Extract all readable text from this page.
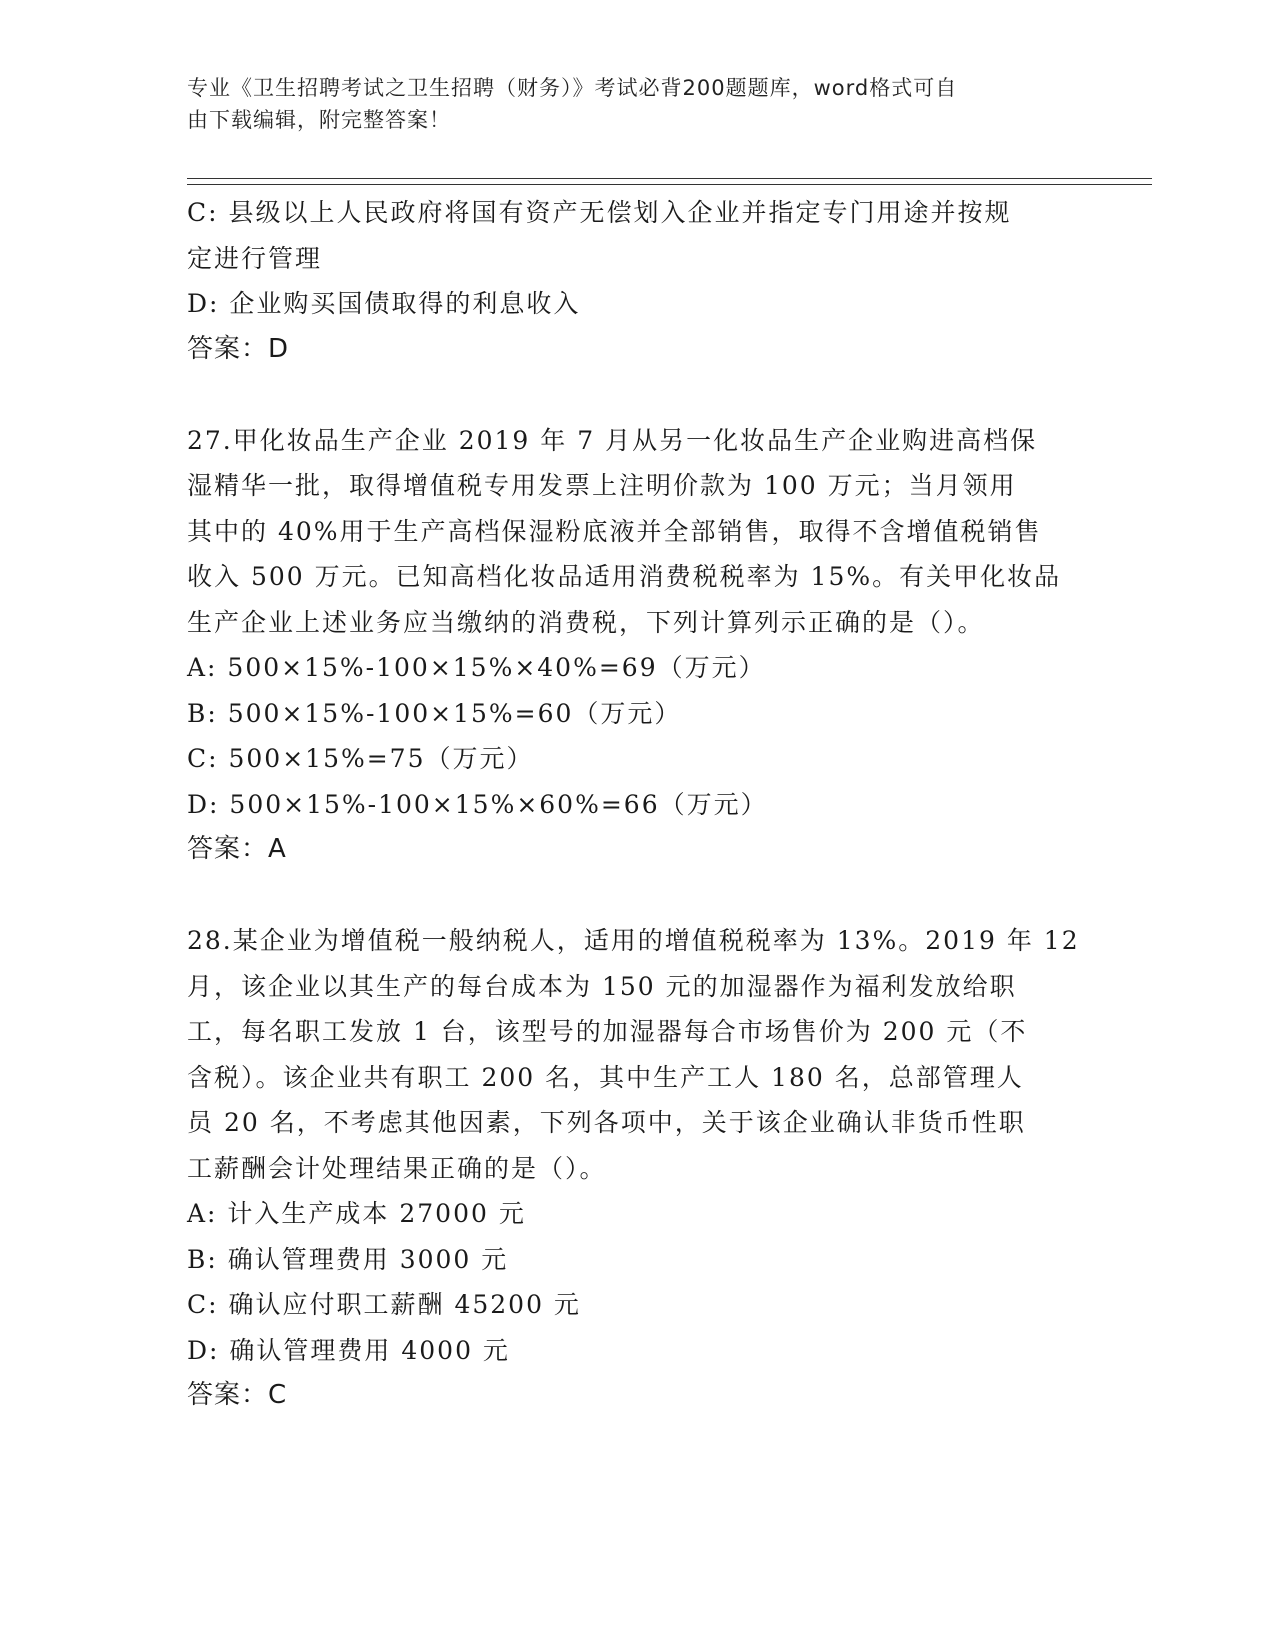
专业《卫生招聘考试之卫生招聘（财务）》考试必背200题题库，word格式可自
由下载编辑，附完整答案！
C: 县级以上人民政府将国有资产无偿划入企业并指定专门用途并按规
定进行管理
D: 企业购买国债取得的利息收入
答案：D
27.甲化妆品生产企业 2019 年 7 月从另一化妆品生产企业购进高档保
湿精华一批，取得增值税专用发票上注明价款为 100 万元；当月领用
其中的 40%用于生产高档保湿粉底液并全部销售，取得不含增值税销售
收入 500 万元。已知高档化妆品适用消费税税率为 15%。有关甲化妆品
生产企业上述业务应当缴纳的消费税，下列计算列示正确的是（）。
A: 500×15%-100×15%×40%=69（万元）
B: 500×15%-100×15%=60（万元）
C: 500×15%=75（万元）
D: 500×15%-100×15%×60%=66（万元）
答案：A
28.某企业为增值税一般纳税人，适用的增值税税率为 13%。2019 年 12
月，该企业以其生产的每台成本为 150 元的加湿器作为福利发放给职
工，每名职工发放 1 台，该型号的加湿器每合市场售价为 200 元（不
含税）。该企业共有职工 200 名，其中生产工人 180 名，总部管理人
员 20 名，不考虑其他因素，下列各项中，关于该企业确认非货币性职
工薪酬会计处理结果正确的是（）。
A: 计入生产成本 27000 元
B: 确认管理费用 3000 元
C: 确认应付职工薪酬 45200 元
D: 确认管理费用 4000 元
答案：C
